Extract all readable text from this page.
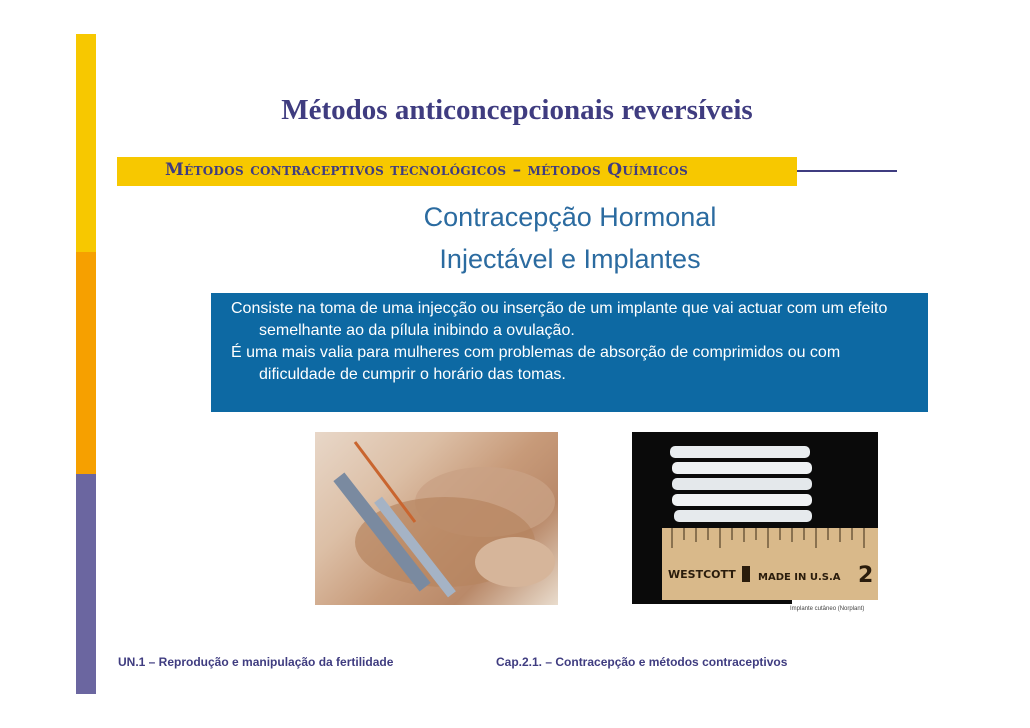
Métodos anticoncepcionais reversíveis
Métodos contraceptivos tecnológicos – métodos Químicos
Contracepção Hormonal
Injectável e Implantes

Consiste na toma de uma injecção ou inserção de um implante que vai actuar com um efeito semelhante ao da pílula inibindo a ovulação.

É uma mais valia para mulheres com problemas de absorção de comprimidos ou com dificuldade de cumprir o horário das tomas.

WESTCOTT MADE IN U.S.A 2
Implante cutâneo (Norplant)
UN.1 – Reprodução e manipulação da fertilidade	Cap.2.1. – Contracepção e métodos contraceptivos
